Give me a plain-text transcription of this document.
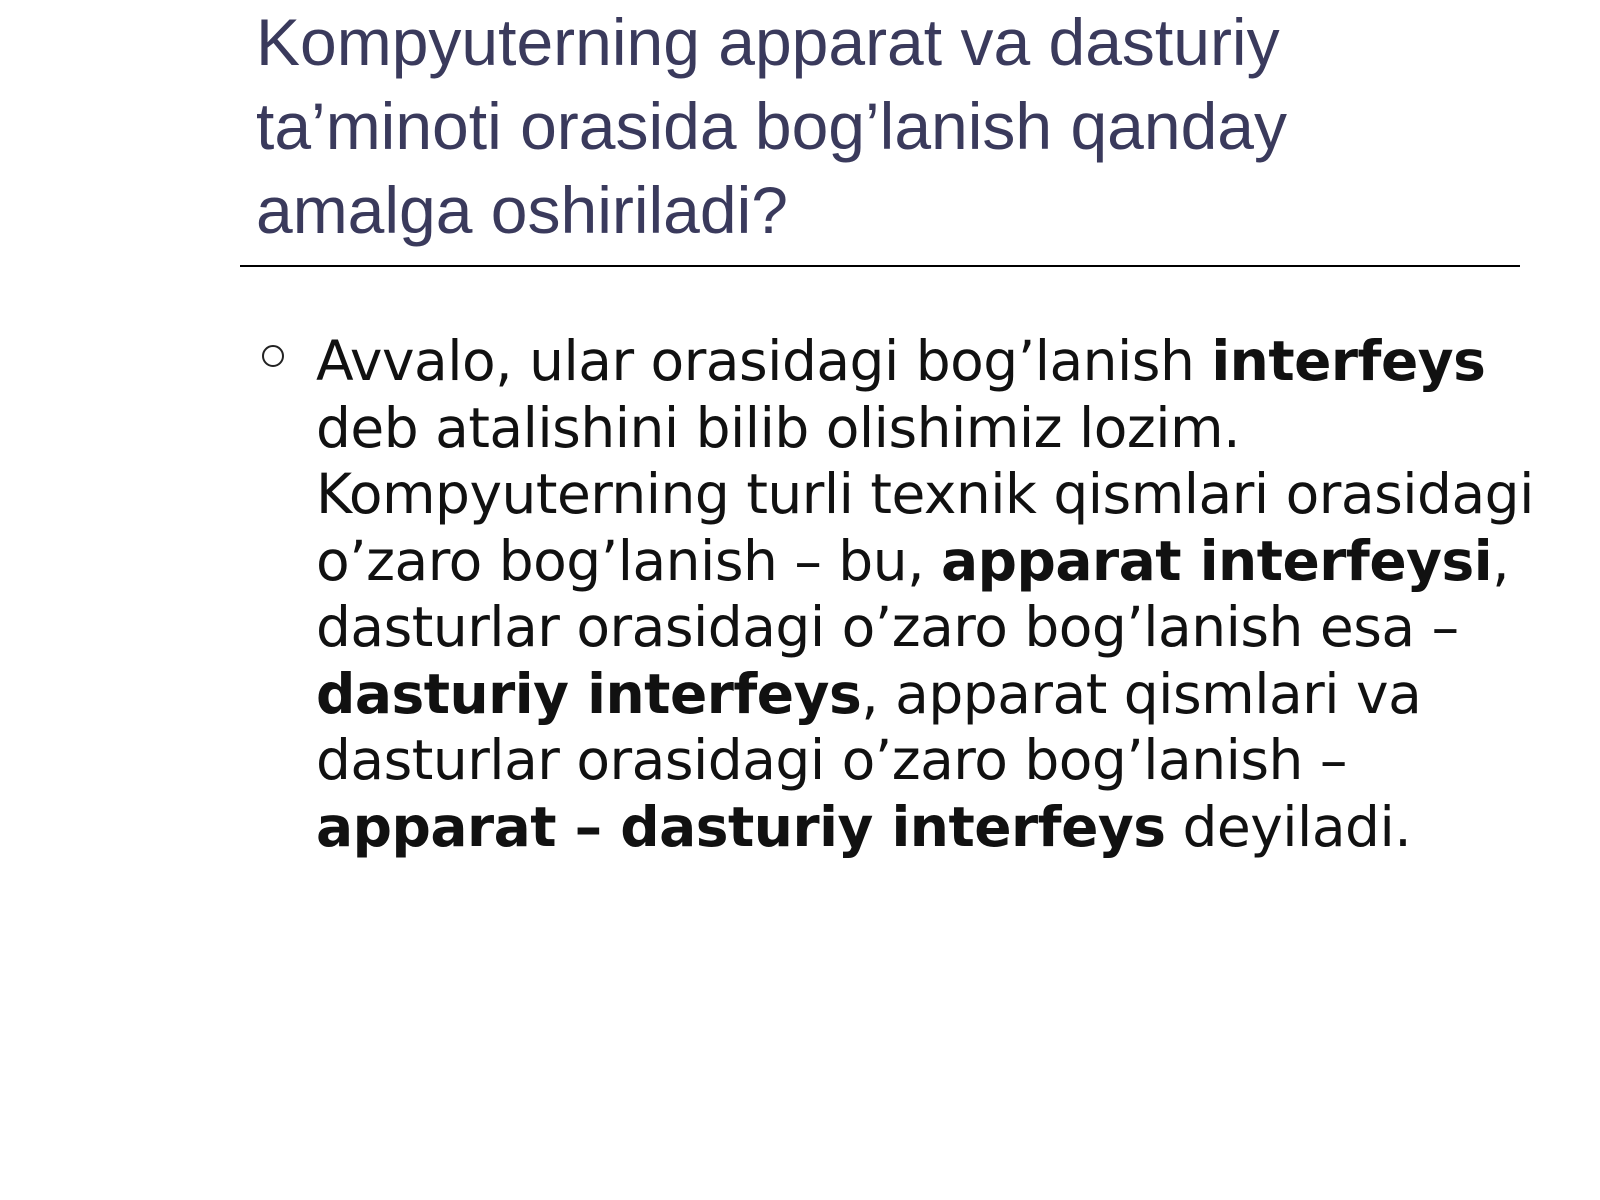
Kompyuterning apparat va dasturiy
ta’minoti orasida bog’lanish qanday
amalga oshiriladi?
Avvalo, ular orasidagi bog’lanish interfeys
deb atalishini bilib olishimiz lozim.
Kompyuterning turli texnik qismlari orasidagi
o’zaro bog’lanish – bu, apparat interfeysi,
dasturlar orasidagi o’zaro bog’lanish esa –
dasturiy interfeys, apparat qismlari va
dasturlar orasidagi o’zaro bog’lanish –
apparat – dasturiy interfeys deyiladi.
